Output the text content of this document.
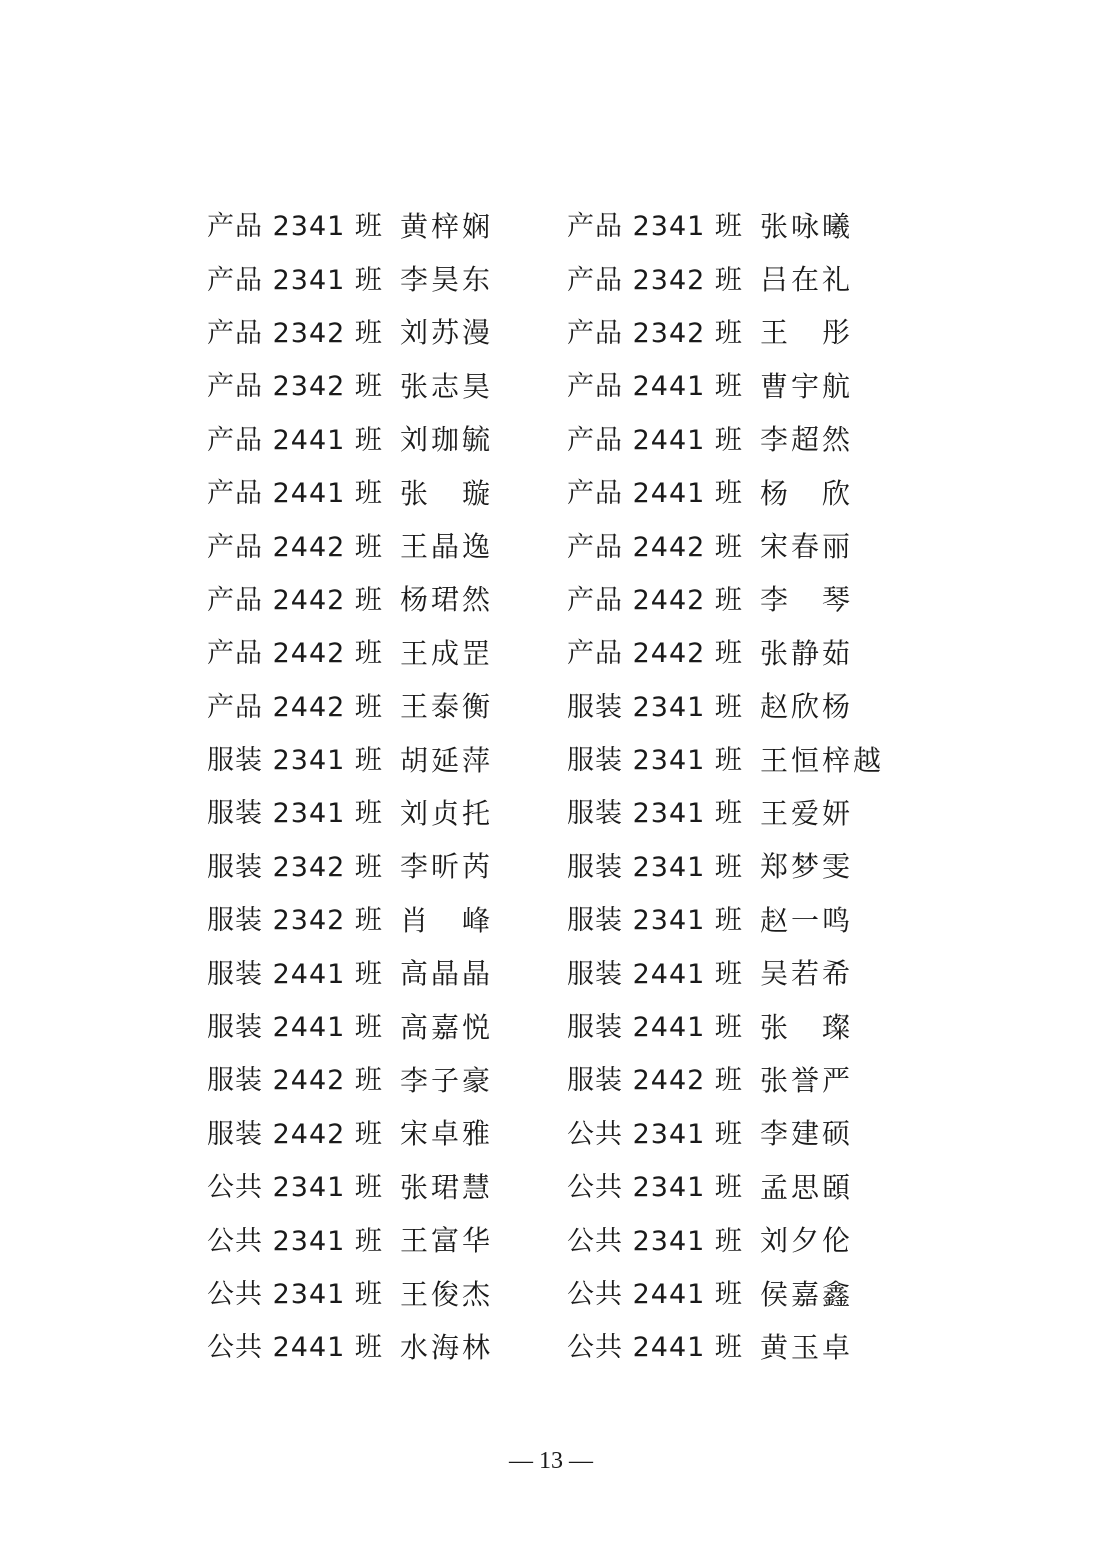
产品 2341 班 黄梓娴	产品 2341 班 张咏曦
产品 2341 班 李昊东	产品 2342 班 吕在礼
产品 2342 班 刘苏漫	产品 2342 班 王　彤
产品 2342 班 张志昊	产品 2441 班 曹宇航
产品 2441 班 刘珈毓	产品 2441 班 李超然
产品 2441 班 张　璇	产品 2441 班 杨　欣
产品 2442 班 王晶逸	产品 2442 班 宋春丽
产品 2442 班 杨珺然	产品 2442 班 李　琴
产品 2442 班 王成罡	产品 2442 班 张静茹
产品 2442 班 王泰衡	服装 2341 班 赵欣杨
服装 2341 班 胡延萍	服装 2341 班 王恒梓越
服装 2341 班 刘贞托	服装 2341 班 王爱妍
服装 2342 班 李昕芮	服装 2341 班 郑梦雯
服装 2342 班 肖　峰	服装 2341 班 赵一鸣
服装 2441 班 高晶晶	服装 2441 班 吴若希
服装 2441 班 高嘉悦	服装 2441 班 张　璨
服装 2442 班 李子豪	服装 2442 班 张誉严
服装 2442 班 宋卓雅	公共 2341 班 李建硕
公共 2341 班 张珺慧	公共 2341 班 孟思頣
公共 2341 班 王富华	公共 2341 班 刘夕伦
公共 2341 班 王俊杰	公共 2441 班 侯嘉鑫
公共 2441 班 水海林	公共 2441 班 黄玉卓
— 13 —
